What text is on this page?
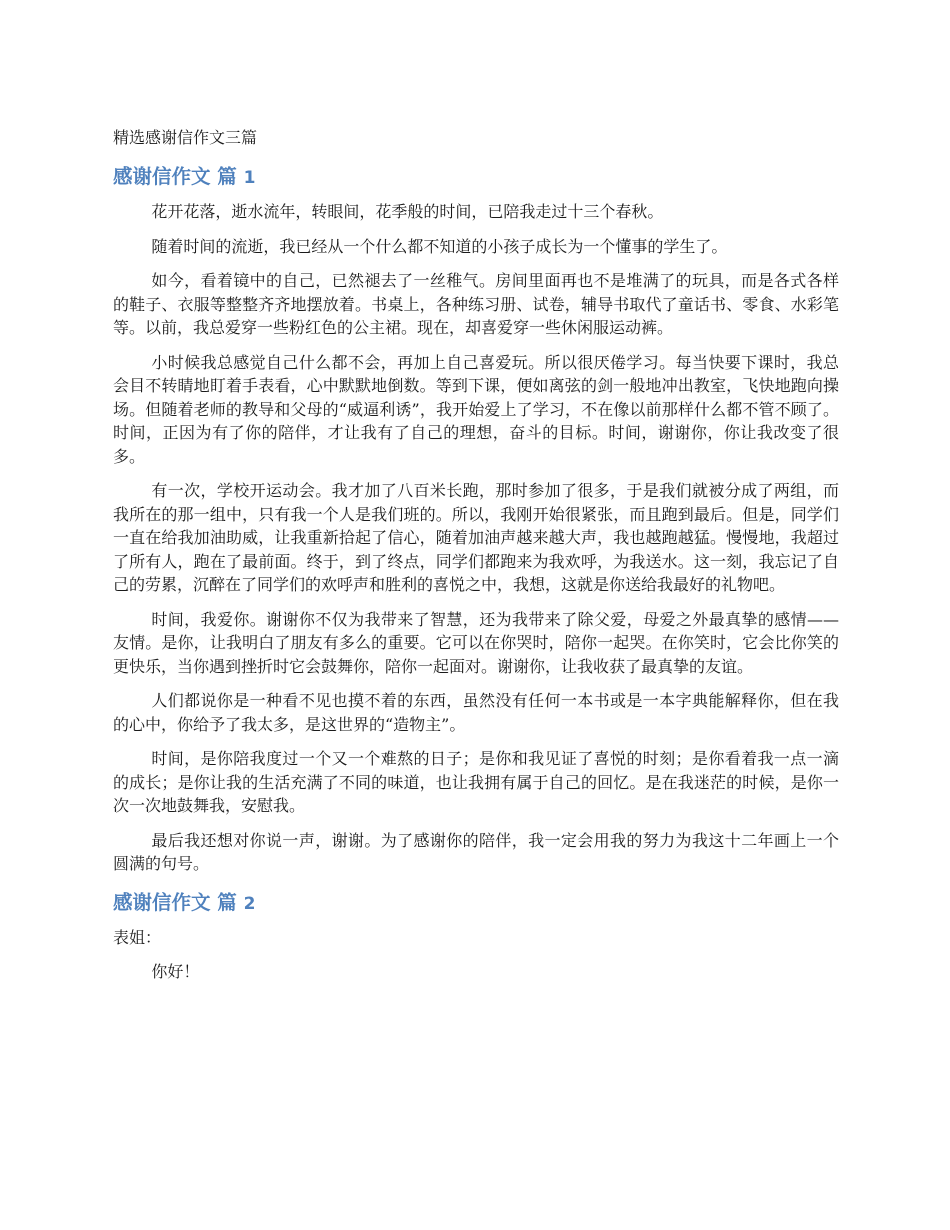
精选感谢信作文三篇
感谢信作文 篇 1

花开花落，逝水流年，转眼间，花季般的时间，已陪我走过十三个春秋。

随着时间的流逝，我已经从一个什么都不知道的小孩子成长为一个懂事的学生了。

如今，看着镜中的自己，已然褪去了一丝稚气。房间里面再也不是堆满了的玩具，而是各式各样的鞋子、衣服等整整齐齐地摆放着。书桌上，各种练习册、试卷，辅导书取代了童话书、零食、水彩笔等。以前，我总爱穿一些粉红色的公主裙。现在，却喜爱穿一些休闲服运动裤。

小时候我总感觉自己什么都不会，再加上自己喜爱玩。所以很厌倦学习。每当快要下课时，我总会目不转睛地盯着手表看，心中默默地倒数。等到下课，便如离弦的剑一般地冲出教室，飞快地跑向操场。但随着老师的教导和父母的“威逼利诱”，我开始爱上了学习，不在像以前那样什么都不管不顾了。时间，正因为有了你的陪伴，才让我有了自己的理想，奋斗的目标。时间，谢谢你，你让我改变了很多。

有一次，学校开运动会。我才加了八百米长跑，那时参加了很多，于是我们就被分成了两组，而我所在的那一组中，只有我一个人是我们班的。所以，我刚开始很紧张，而且跑到最后。但是，同学们一直在给我加油助威，让我重新拾起了信心，随着加油声越来越大声，我也越跑越猛。慢慢地，我超过了所有人，跑在了最前面。终于，到了终点，同学们都跑来为我欢呼，为我送水。这一刻，我忘记了自己的劳累，沉醉在了同学们的欢呼声和胜利的喜悦之中，我想，这就是你送给我最好的礼物吧。

时间，我爱你。谢谢你不仅为我带来了智慧，还为我带来了除父爱，母爱之外最真挚的感情——友情。是你，让我明白了朋友有多么的重要。它可以在你哭时，陪你一起哭。在你笑时，它会比你笑的更快乐，当你遇到挫折时它会鼓舞你，陪你一起面对。谢谢你，让我收获了最真挚的友谊。

人们都说你是一种看不见也摸不着的东西，虽然没有任何一本书或是一本字典能解释你，但在我的心中，你给予了我太多，是这世界的“造物主”。

时间，是你陪我度过一个又一个难熬的日子；是你和我见证了喜悦的时刻；是你看着我一点一滴的成长；是你让我的生活充满了不同的味道，也让我拥有属于自己的回忆。是在我迷茫的时候，是你一次一次地鼓舞我，安慰我。

最后我还想对你说一声，谢谢。为了感谢你的陪伴，我一定会用我的努力为我这十二年画上一个圆满的句号。

感谢信作文 篇 2

表姐：

你好！
